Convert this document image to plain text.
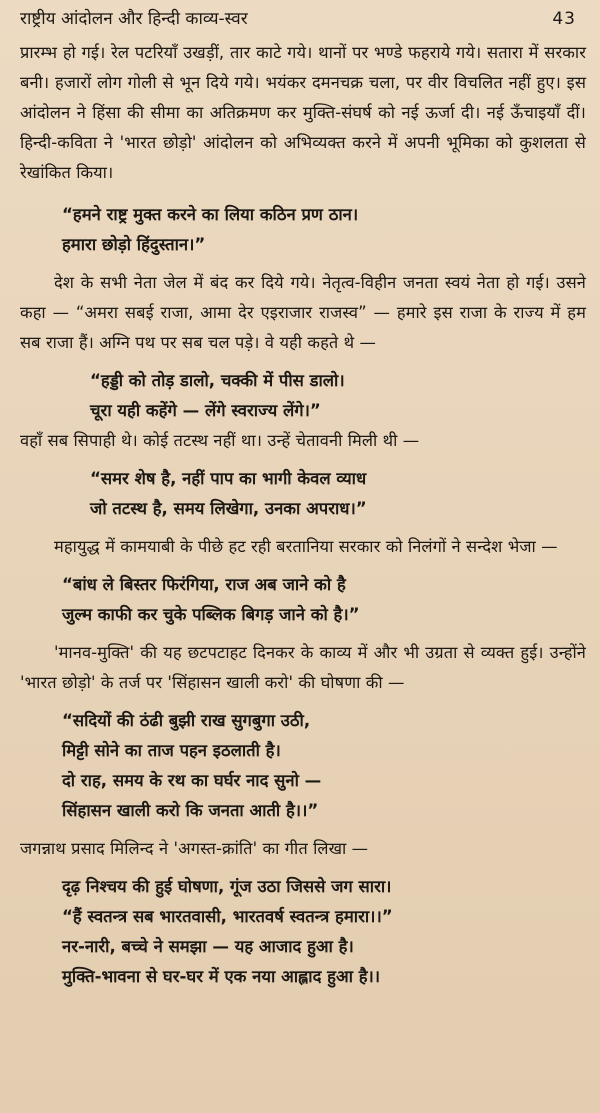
राष्ट्रीय आंदोलन और हिन्दी काव्य-स्वर	43

प्रारम्भ हो गई। रेल पटरियाँ उखड़ीं, तार काटे गये। थानों पर भण्डे फहराये गये। सतारा में सरकार बनी। हजारों लोग गोली से भून दिये गये। भयंकर दमनचक्र चला, पर वीर विचलित नहीं हुए। इस आंदोलन ने हिंसा की सीमा का अतिक्रमण कर मुक्ति-संघर्ष को नई ऊर्जा दी। नई ऊँचाइयाँ दीं। हिन्दी-कविता ने 'भारत छोड़ो' आंदोलन को अभिव्यक्त करने में अपनी भूमिका को कुशलता से रेखांकित किया।

“हमने राष्ट्र मुक्त करने का लिया कठिन प्रण ठान।
हमारा छोड़ो हिंदुस्तान।”

देश के सभी नेता जेल में बंद कर दिये गये। नेतृत्व-विहीन जनता स्वयं नेता हो गई। उसने कहा — “अमरा सबई राजा, आमा देर एइराजार राजस्व” — हमारे इस राजा के राज्य में हम सब राजा हैं। अग्नि पथ पर सब चल पड़े। वे यही कहते थे —

“हड्डी को तोड़ डालो, चक्की में पीस डालो।
चूरा यही कहेंगे — लेंगे स्वराज्य लेंगे।”

वहाँ सब सिपाही थे। कोई तटस्थ नहीं था। उन्हें चेतावनी मिली थी —

“समर शेष है, नहीं पाप का भागी केवल व्याध
जो तटस्थ है, समय लिखेगा, उनका अपराध।”

महायुद्ध में कामयाबी के पीछे हट रही बरतानिया सरकार को निलंगों ने सन्देश भेजा —

“बांध ले बिस्तर फिरंगिया, राज अब जाने को है
जुल्म काफी कर चुके पब्लिक बिगड़ जाने को है।”

'मानव-मुक्ति' की यह छटपटाहट दिनकर के काव्य में और भी उग्रता से व्यक्त हुई। उन्होंने 'भारत छोड़ो' के तर्ज पर 'सिंहासन खाली करो' की घोषणा की —

“सदियों की ठंढी बुझी राख सुगबुगा उठी,
मिट्टी सोने का ताज पहन इठलाती है।
दो राह, समय के रथ का घर्घर नाद सुनो —
सिंहासन खाली करो कि जनता आती है।।”

जगन्नाथ प्रसाद मिलिन्द ने 'अगस्त-क्रांति' का गीत लिखा —

दृढ़ निश्चय की हुई घोषणा, गूंज उठा जिससे जग सारा।
“हैं स्वतन्त्र सब भारतवासी, भारतवर्ष स्वतन्त्र हमारा।।”
नर-नारी, बच्चे ने समझा — यह आजाद हुआ है।
मुक्ति-भावना से घर-घर में एक नया आह्लाद हुआ है।।
